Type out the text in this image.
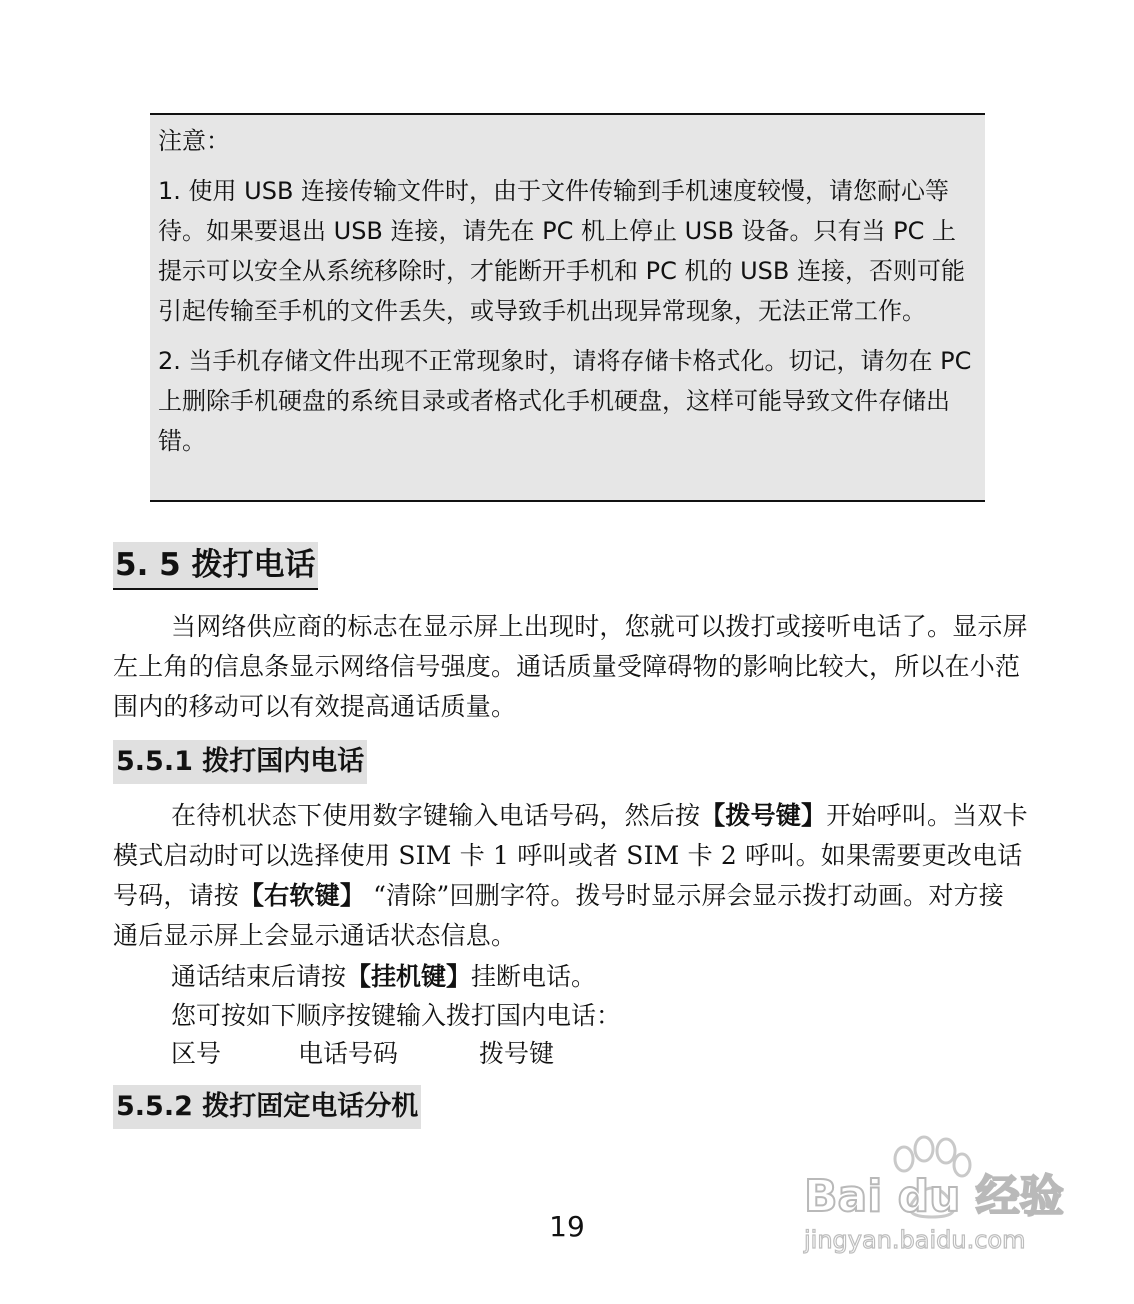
注意：

1. 使用 USB 连接传输文件时，由于文件传输到手机速度较慢，请您耐心等待。如果要退出 USB 连接，请先在 PC 机上停止 USB 设备。只有当 PC 上提示可以安全从系统移除时，才能断开手机和 PC 机的 USB 连接，否则可能引起传输至手机的文件丢失，或导致手机出现异常现象，无法正常工作。

2. 当手机存储文件出现不正常现象时，请将存储卡格式化。切记，请勿在 PC 上删除手机硬盘的系统目录或者格式化手机硬盘，这样可能导致文件存储出错。

5. 5 拨打电话

当网络供应商的标志在显示屏上出现时，您就可以拨打或接听电话了。显示屏左上角的信息条显示网络信号强度。通话质量受障碍物的影响比较大，所以在小范围内的移动可以有效提高通话质量。

5.5.1 拨打国内电话

在待机状态下使用数字键输入电话号码，然后按【拨号键】开始呼叫。当双卡模式启动时可以选择使用 SIM 卡 1 呼叫或者 SIM 卡 2 呼叫。如果需要更改电话号码，请按【右软键】 “清除”回删字符。拨号时显示屏会显示拨打动画。对方接通后显示屏上会显示通话状态信息。

通话结束后请按【挂机键】挂断电话。

您可按如下顺序按键输入拨打国内电话：

区号	电话号码	拨号键
5.5.2 拨打固定电话分机
19
Bai du 经验
jingyan.baidu.com
